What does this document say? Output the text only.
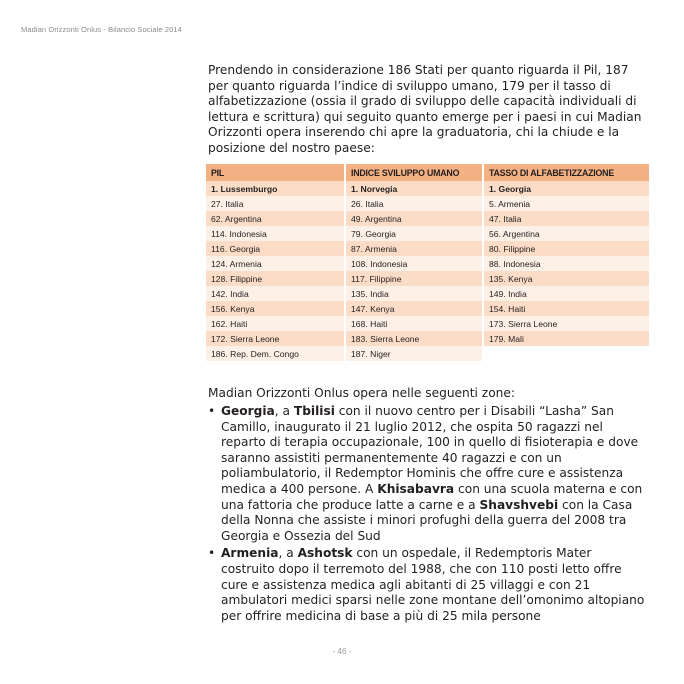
Madian Orizzonti Onlus - Bilancio Sociale 2014

Prendendo in considerazione 186 Stati per quanto riguarda il Pil, 187 per quanto riguarda l’indice di sviluppo umano, 179 per il tasso di alfabetizzazione (ossia il grado di sviluppo delle capacità individuali di lettura e scrittura) qui seguito quanto emerge per i paesi in cui Madian Orizzonti opera inserendo chi apre la graduatoria, chi la chiude e la posizione del nostro paese:

PIL	INDICE SVILUPPO UMANO	TASSO DI ALFABETIZZAZIONE
1. Lussemburgo	1. Norvegia	1. Georgia
27. Italia	26. Italia	5. Armenia
62. Argentina	49. Argentina	47. Italia
114. Indonesia	79. Georgia	56. Argentina
116. Georgia	87. Armenia	80. Filippine
124. Armenia	108. Indonesia	88. Indonesia
128. Filippine	117. Filippine	135. Kenya
142. India	135. India	149. India
156. Kenya	147. Kenya	154. Haiti
162. Haiti	168. Haiti	173. Sierra Leone
172. Sierra Leone	183. Sierra Leone	179. Mali
186. Rep. Dem. Congo	187. Niger	

Madian Orizzonti Onlus opera nelle seguenti zone:

• Georgia, a Tbilisi con il nuovo centro per i Disabili “Lasha” San Camillo, inaugurato il 21 luglio 2012, che ospita 50 ragazzi nel reparto di terapia occupazionale, 100 in quello di fisioterapia e dove saranno assistiti permanentemente 40 ragazzi e con un poliambulatorio, il Redemptor Hominis che offre cure e assistenza medica a 400 persone. A Khisabavra con una scuola materna e con una fattoria che produce latte a carne e a Shavshvebi con la Casa della Nonna che assiste i minori profughi della guerra del 2008 tra Georgia e Ossezia del Sud
• Armenia, a Ashotsk con un ospedale, il Redemptoris Mater costruito dopo il terremoto del 1988, che con 110 posti letto offre cure e assistenza medica agli abitanti di 25 villaggi e con 21 ambulatori medici sparsi nelle zone montane dell’omonimo altopiano per offrire medicina di base a più di 25 mila persone
- 46 -
